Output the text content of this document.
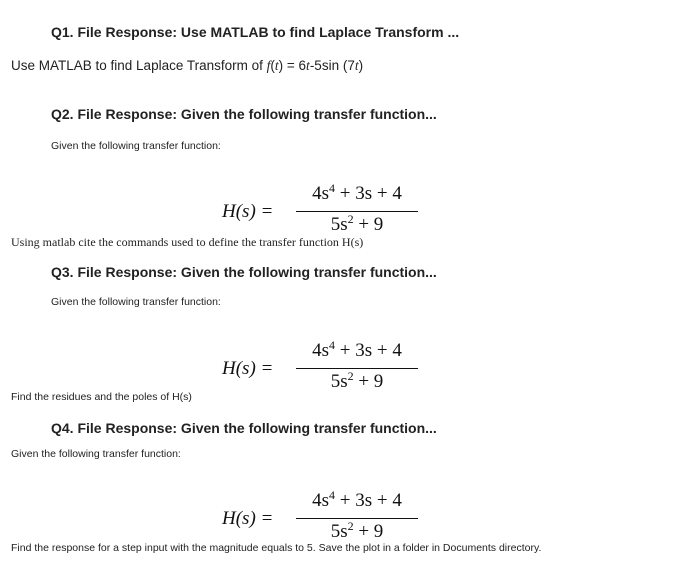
Q1. File Response: Use MATLAB to find Laplace Transform ...
Use MATLAB to find Laplace Transform of f(t) = 6t-5sin (7t)
Q2. File Response: Given the following transfer function...
Given the following transfer function:
H(s) =
$4s^4 + 3s + 4$
$5s^2 + 9$
Using matlab cite the commands used to define the transfer function H(s)
Q3. File Response: Given the following transfer function...
Given the following transfer function:
H(s) =
$4s^4 + 3s + 4$
$5s^2 + 9$
Find the residues and the poles of H(s)
Q4. File Response: Given the following transfer function...
Given the following transfer function:
H(s) =
$4s^4 + 3s + 4$
$5s^2 + 9$
Find the response for a step input with the magnitude equals to 5. Save the plot in a folder in Documents directory.
